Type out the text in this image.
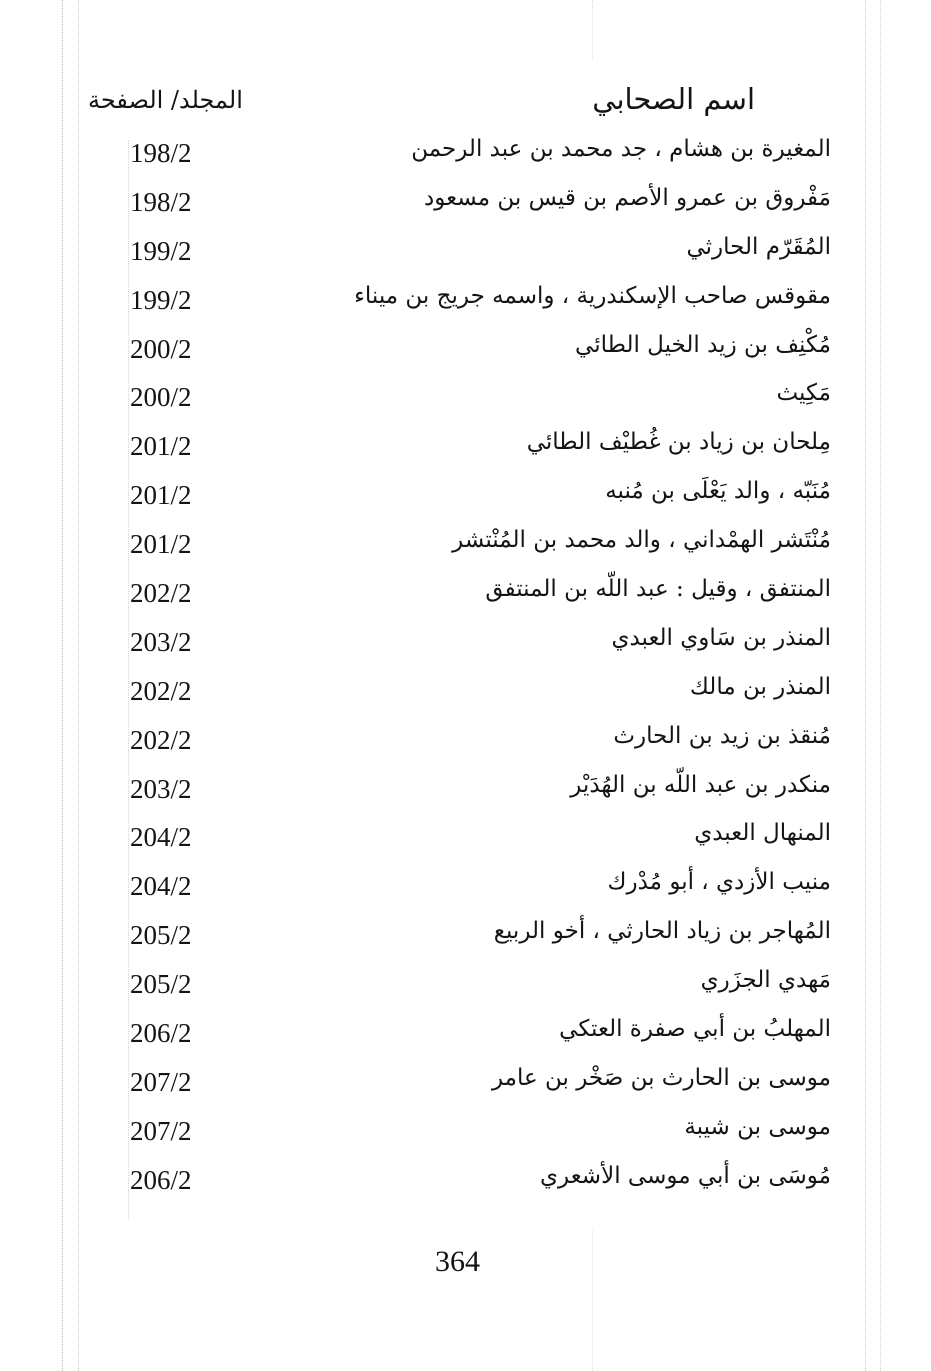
اسم الصحابي
المجلد/ الصفحة
المغيرة بن هشام ، جد محمد بن عبد الرحمن
198/2
مَفْروق بن عمرو الأصم بن قيس بن مسعود
198/2
المُقَرّم الحارثي
199/2
مقوقس صاحب الإسكندرية ، واسمه جريج بن ميناء
199/2
مُكْنِف بن زيد الخيل الطائي
200/2
مَكِيث
200/2
مِلحان بن زياد بن غُطيْف الطائي
201/2
مُنَبّه ، والد يَعْلَى بن مُنبه
201/2
مُنْتَشر الهمْداني ، والد محمد بن المُنْتشر
201/2
المنتفق ، وقيل : عبد اللّه بن المنتفق
202/2
المنذر بن سَاوي العبدي
203/2
المنذر بن مالك
202/2
مُنقذ بن زيد بن الحارث
202/2
منكدر بن عبد اللّه بن الهُدَيْر
203/2
المنهال العبدي
204/2
منيب الأزدي ، أبو مُدْرك
204/2
المُهاجر بن زياد الحارثي ، أخو الربيع
205/2
مَهدي الجزَري
205/2
المهلبُ بن أبي صفرة العتكي
206/2
موسى بن الحارث بن صَخْر بن عامر
207/2
موسى بن شيبة
207/2
مُوسَى بن أبي موسى الأشعري
206/2
364
